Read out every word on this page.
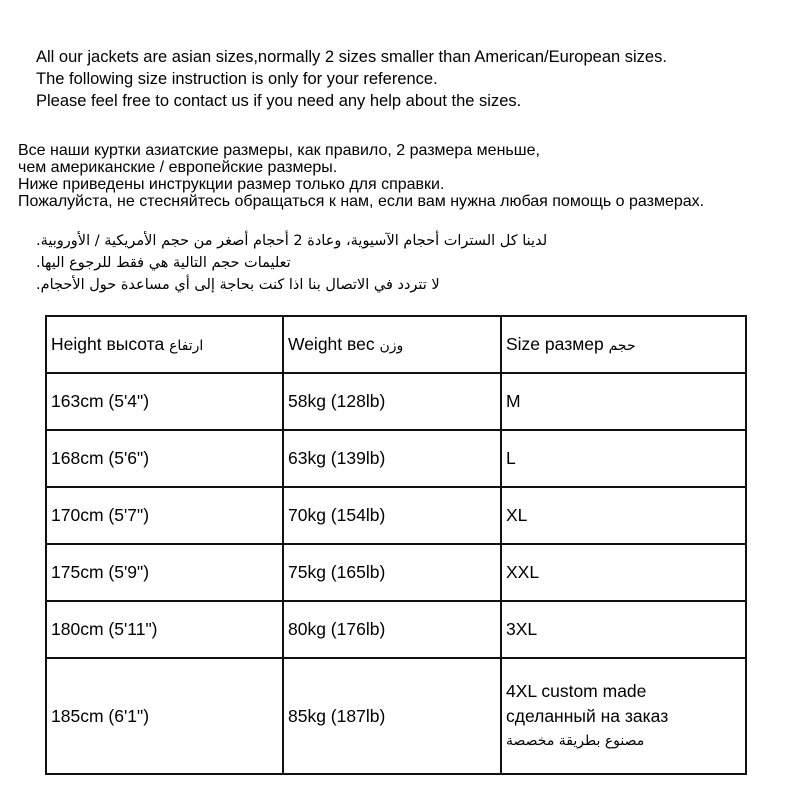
All our jackets are asian sizes,normally 2 sizes smaller than American/European sizes.
The following size instruction is only for your reference.
Please feel free to contact us if you need any help about the sizes.
Все наши куртки азиатские размеры, как правило, 2 размера меньше,
чем американские / европейские размеры.
Ниже приведены инструкции размер только для справки.
Пожалуйста, не стесняйтесь обращаться к нам, если вам нужна любая помощь о размерах.
لدينا كل السترات أحجام الآسيوية، وعادة 2 أحجام أصغر من حجم الأمريكية / الأوروبية.
تعليمات حجم التالية هي فقط للرجوع اليها.
لا تتردد في الاتصال بنا اذا كنت بحاجة إلى أي مساعدة حول الأحجام.
Height высота ارتفاع	Weight вес وزن	Size размер حجم
163cm (5'4")	58kg (128lb)	M
168cm (5'6")	63kg (139lb)	L
170cm (5'7")	70kg (154lb)	XL
175cm (5'9")	75kg (165lb)	XXL
180cm (5'11")	80kg (176lb)	3XL
185cm (6'1")	85kg (187lb)	4XL custom made
сделанный на заказ
مصنوع بطريقة مخصصة
